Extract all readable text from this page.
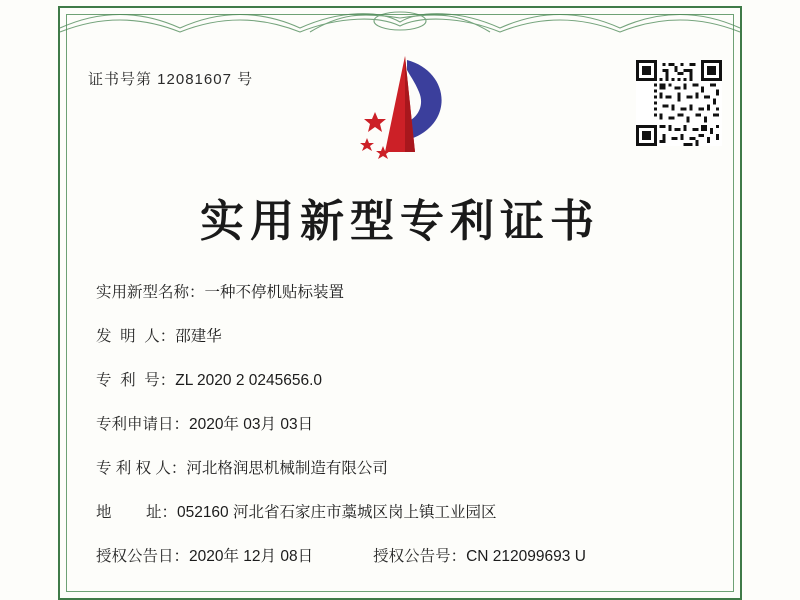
证书号第 12081607 号
实用新型专利证书
实用新型名称： 一种不停机贴标装置
发  明  人： 邵建华
专  利  号： ZL 2020 2 0245656.0
专利申请日： 2020年 03月 03日
专 利 权 人： 河北格润思机械制造有限公司
地        址： 052160 河北省石家庄市藁城区岗上镇工业园区
授权公告日： 2020年 12月 08日	授权公告号： CN 212099693 U
